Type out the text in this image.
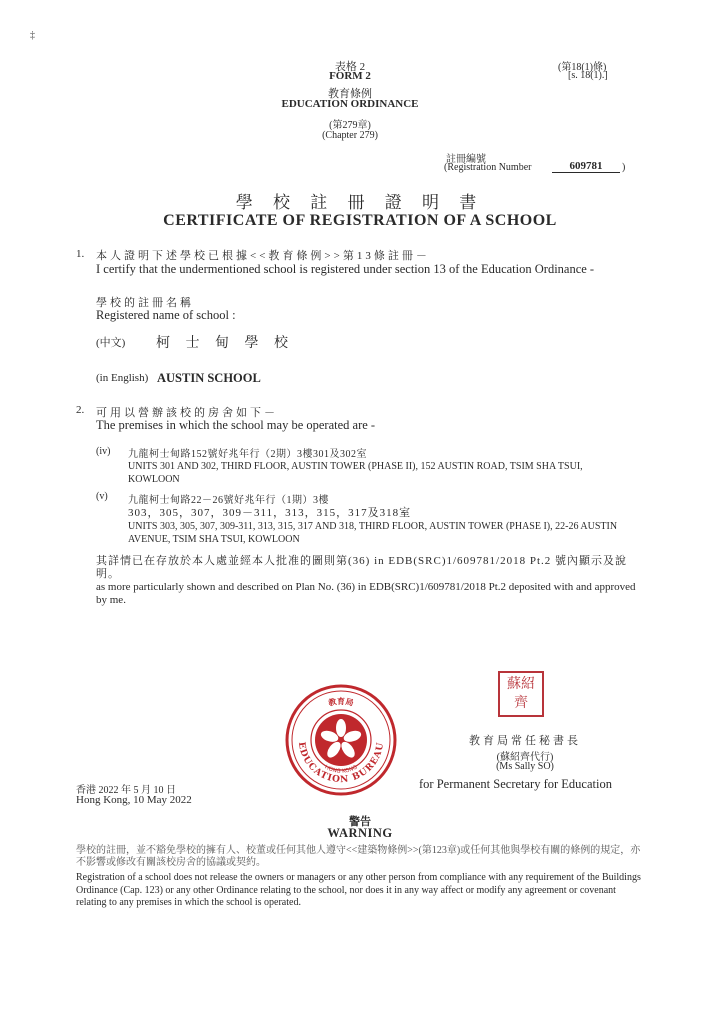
‡
表格 2
FORM 2
教育條例
EDUCATION ORDINANCE
(第279章)
(Chapter 279)
(第18(1)條)
[s. 18(1).]
註冊編號
(Registration Number	609781	)
學 校 註 冊 證 明 書
CERTIFICATE OF REGISTRATION OF A SCHOOL
1. 本人證明下述學校已根據<<教育條例>>第13條註冊－
I certify that the undermentioned school is registered under section 13 of the Education Ordinance -
學校的註冊名稱
Registered name of school :
(中文) 柯 士 甸 學 校
(in English) AUSTIN SCHOOL
2. 可用以營辦該校的房舍如下－
The premises in which the school may be operated are -
(iv) 九龍柯士甸路152號好兆年行（2期）3樓301及302室
UNITS 301 AND 302, THIRD FLOOR, AUSTIN TOWER (PHASE II), 152 AUSTIN ROAD, TSIM SHA TSUI, KOWLOON
(v) 九龍柯士甸路22－26號好兆年行（1期）3樓
303，305，307，309－311，313，315，317及318室
UNITS 303, 305, 307, 309-311, 313, 315, 317 AND 318, THIRD FLOOR, AUSTIN TOWER (PHASE I), 22-26 AUSTIN AVENUE, TSIM SHA TSUI, KOWLOON
其詳情已在存放於本人處並經本人批准的圖則第(36) in EDB(SRC)1/609781/2018 Pt.2 號內顯示及說明。
as more particularly shown and described on Plan No. (36) in EDB(SRC)1/609781/2018 Pt.2 deposited with and approved by me.
教育局
EDUCATION BUREAU
HONG KONG
蘇紹齊
教育局常任秘書長
(蘇紹齊代行)
(Ms Sally SO)
for Permanent Secretary for Education
香港 2022 年 5 月 10 日
Hong Kong, 10 May 2022
警告
WARNING
學校的註冊，並不豁免學校的擁有人、校董或任何其他人遵守<<建築物條例>>(第123章)或任何其他與學校有關的條例的規定，亦不影響或修改有關該校房舍的協議或契約。
Registration of a school does not release the owners or managers or any other person from compliance with any requirement of the Buildings Ordinance (Cap. 123) or any other Ordinance relating to the school, nor does it in any way affect or modify any agreement or covenant relating to any premises in which the school is operated.
